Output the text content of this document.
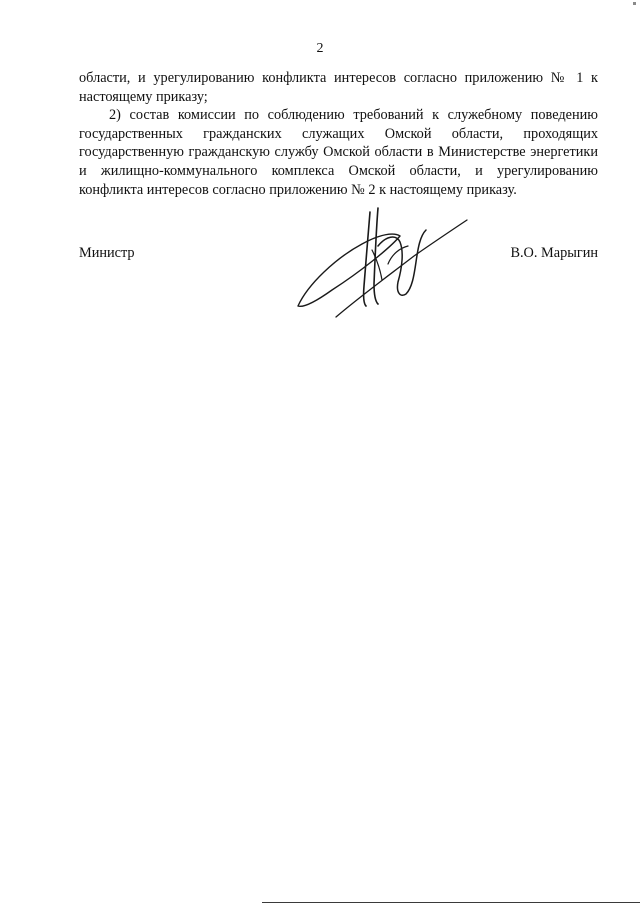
2

области, и урегулированию конфликта интересов согласно приложению № 1 к настоящему приказу;

2) состав комиссии по соблюдению требований к служебному поведению государственных гражданских служащих Омской области, проходящих государственную гражданскую службу Омской области в Министерстве энергетики и жилищно-коммунального комплекса Омской области, и урегулированию конфликта интересов согласно приложению № 2 к настоящему приказу.

Министр	В.О. Марыгин
